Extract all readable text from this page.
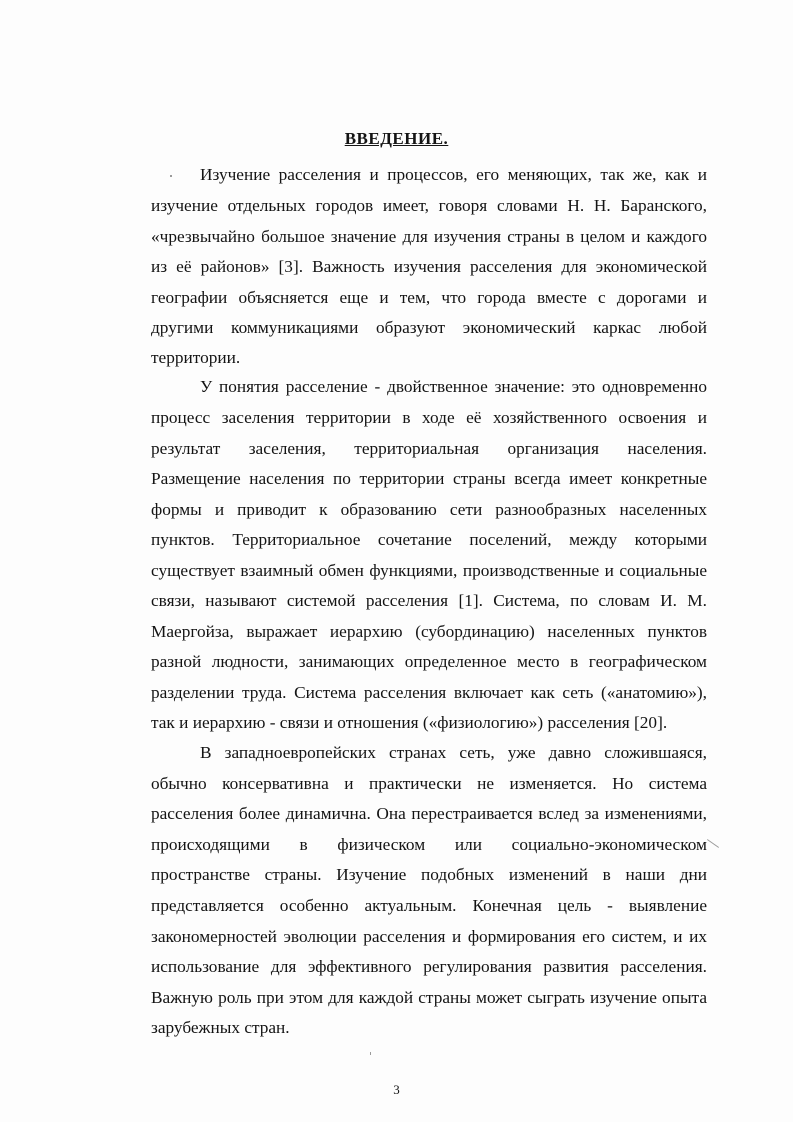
ВВЕДЕНИЕ.
Изучение расселения и процессов, его меняющих, так же, как и
изучение отдельных городов имеет, говоря словами Н. Н. Баранского,
«чрезвычайно большое значение для изучения страны в целом и каждого
из её районов» [3]. Важность изучения расселения для экономической
географии объясняется еще и тем, что города вместе с дорогами и
другими коммуникациями образуют экономический каркас любой
территории.
У понятия расселение - двойственное значение: это одновременно
процесс заселения территории в ходе её хозяйственного освоения и
результат заселения, территориальная организация населения.
Размещение населения по территории страны всегда имеет конкретные
формы и приводит к образованию сети разнообразных населенных
пунктов. Территориальное сочетание поселений, между которыми
существует взаимный обмен функциями, производственные и социальные
связи, называют системой расселения [1]. Система, по словам И. М.
Маергойза, выражает иерархию (субординацию) населенных пунктов
разной людности, занимающих определенное место в географическом
разделении труда. Система расселения включает как сеть («анатомию»),
так и иерархию - связи и отношения («физиологию») расселения [20].
В западноевропейских странах сеть, уже давно сложившаяся,
обычно консервативна и практически не изменяется. Но система
расселения более динамична. Она перестраивается вслед за изменениями,
происходящими в физическом или социально-экономическом
пространстве страны. Изучение подобных изменений в наши дни
представляется особенно актуальным. Конечная цель - выявление
закономерностей эволюции расселения и формирования его систем, и их
использование для эффективного регулирования развития расселения.
Важную роль при этом для каждой страны может сыграть изучение опыта
зарубежных стран.
3
